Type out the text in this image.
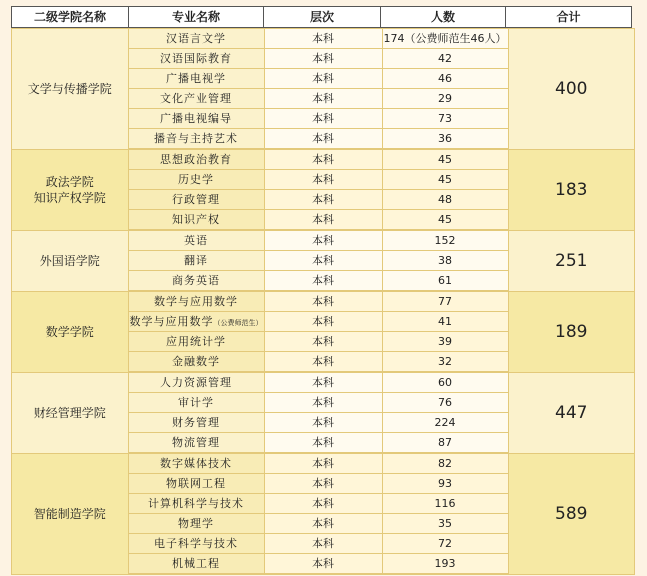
二级学院名称	专业名称	层次	人数	合计
文学与传播学院
汉语言文学	本科	174（公费师范生46人）
汉语国际教育	本科	42
广播电视学	本科	46
文化产业管理	本科	29
广播电视编导	本科	73
播音与主持艺术	本科	36
400
政法学院
知识产权学院
思想政治教育	本科	45
历史学	本科	45
行政管理	本科	48
知识产权	本科	45
183
外国语学院
英语	本科	152
翻译	本科	38
商务英语	本科	61
251
数学学院
数学与应用数学	本科	77
数学与应用数学（公费师范生）	本科	41
应用统计学	本科	39
金融数学	本科	32
189
财经管理学院
人力资源管理	本科	60
审计学	本科	76
财务管理	本科	224
物流管理	本科	87
447
智能制造学院
数字媒体技术	本科	82
物联网工程	本科	93
计算机科学与技术	本科	116
物理学	本科	35
电子科学与技术	本科	72
机械工程	本科	193
589
